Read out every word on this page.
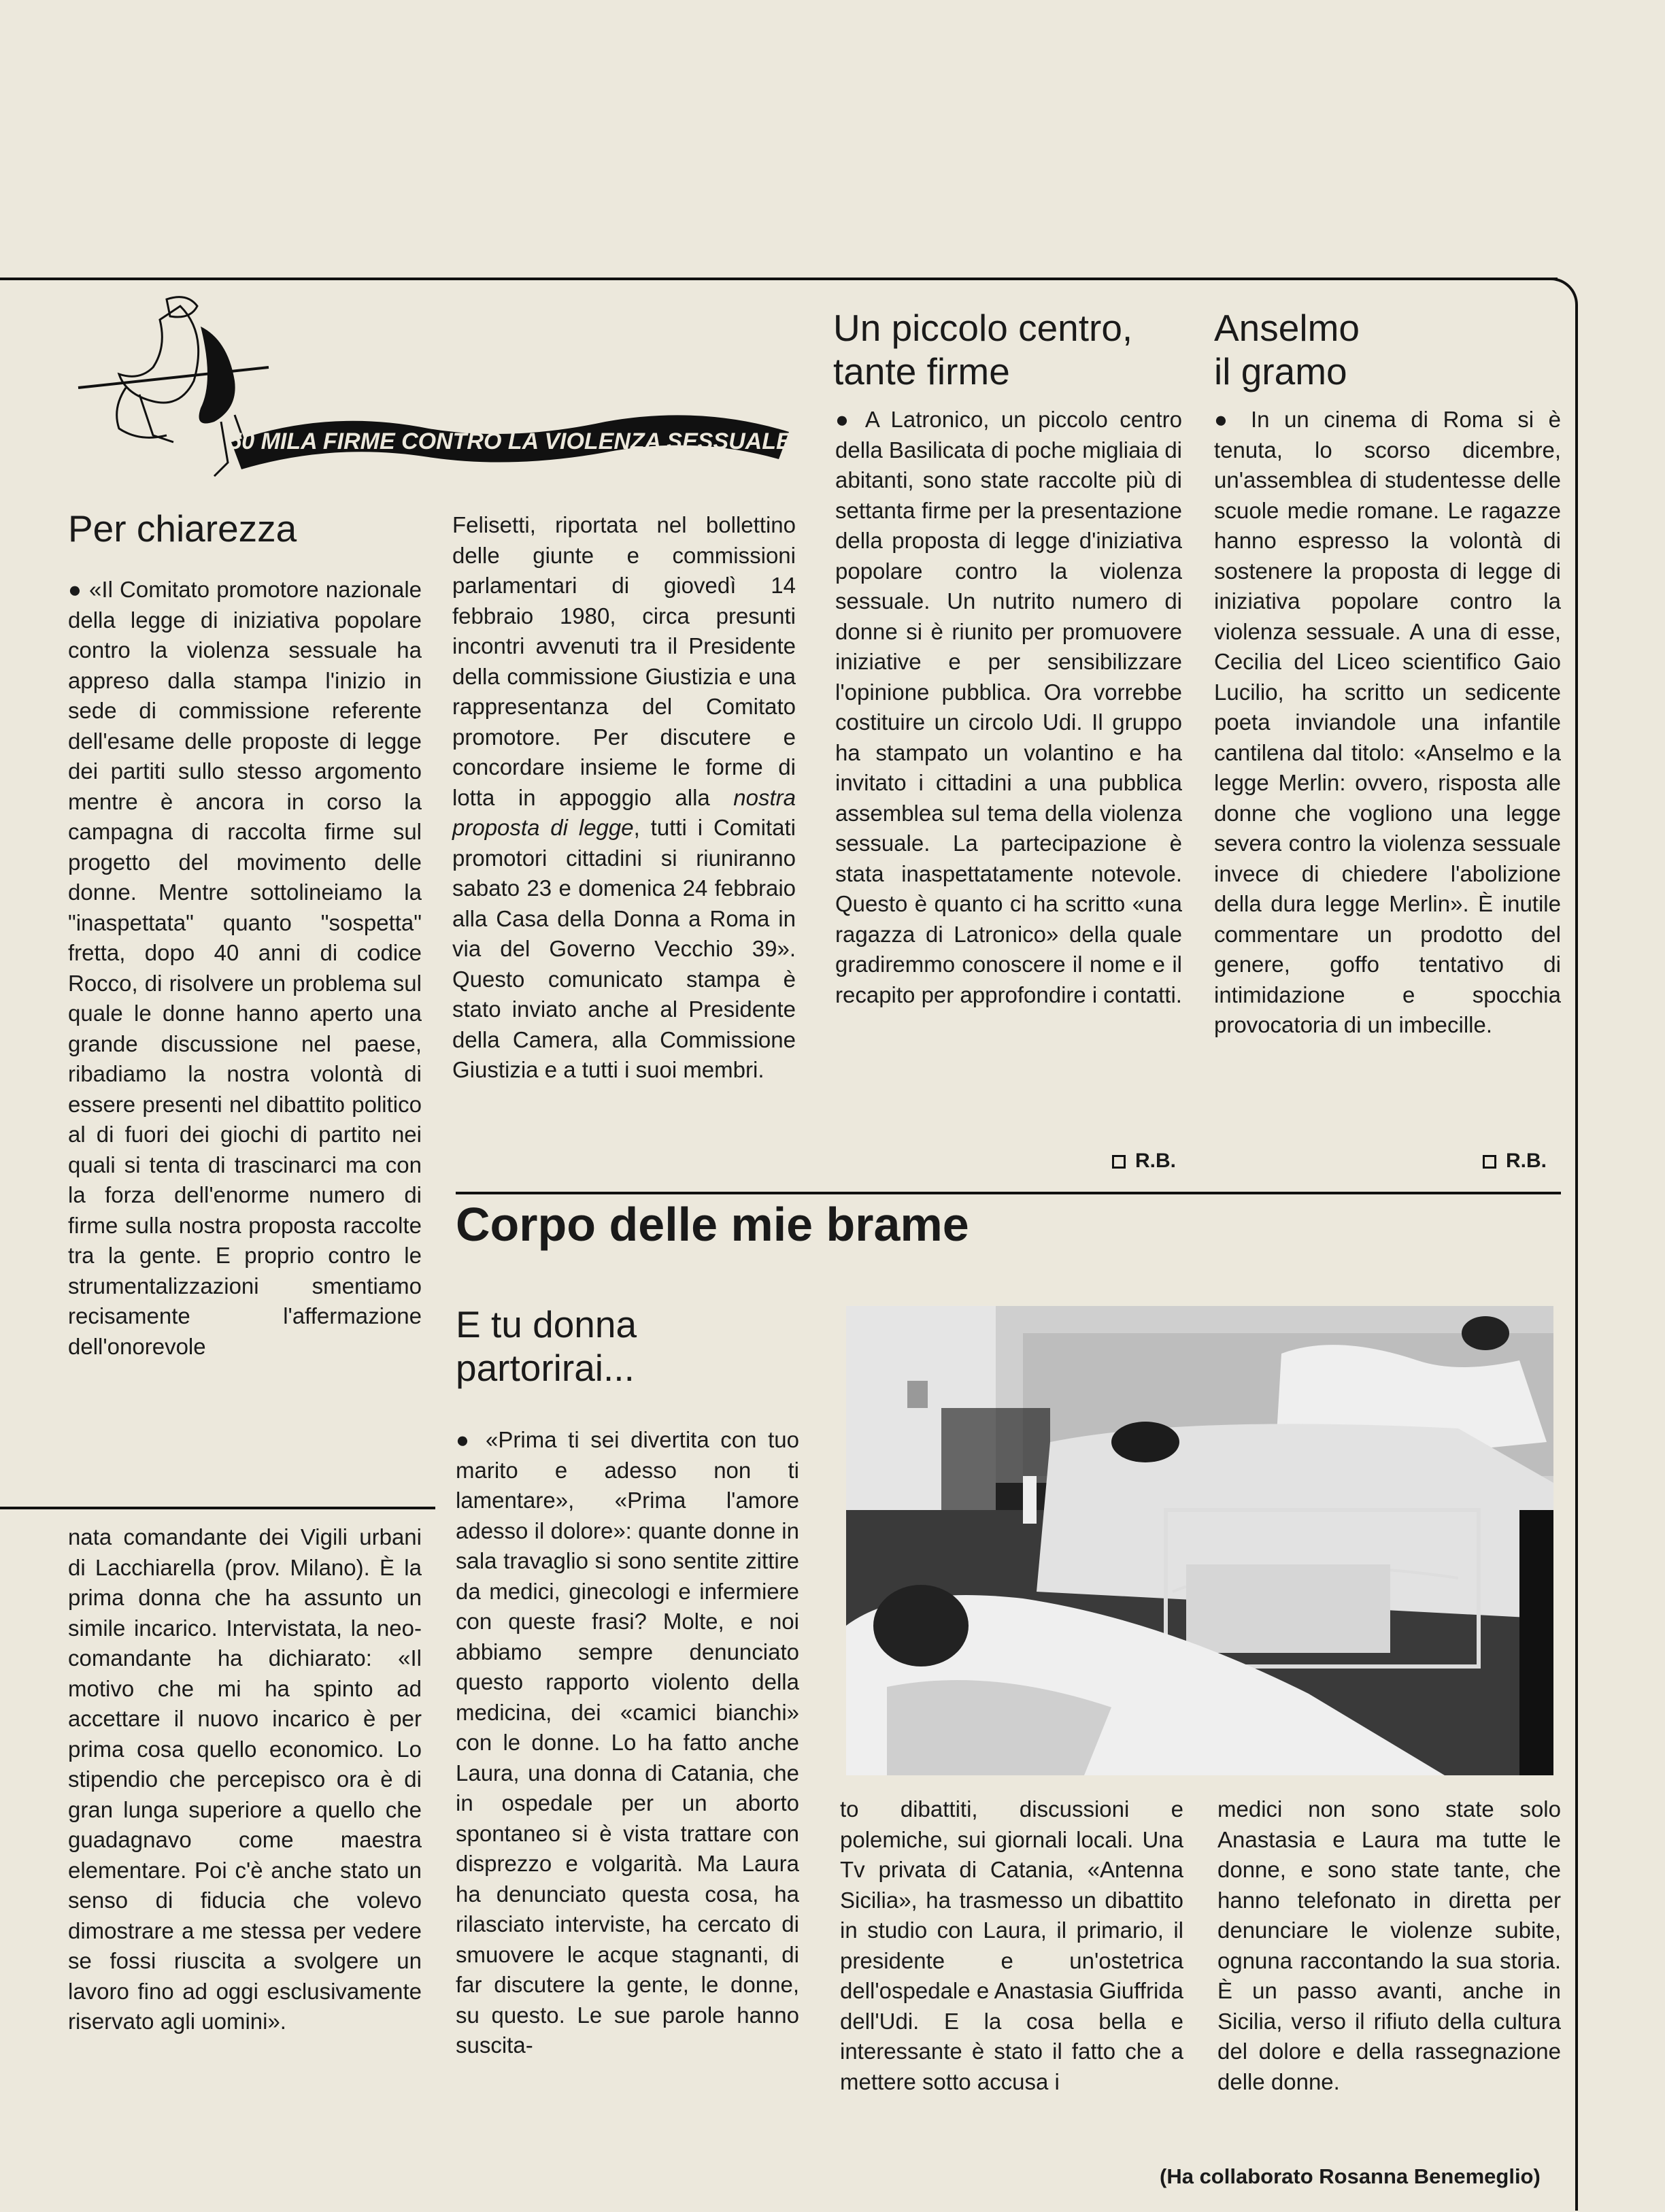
50 MILA FIRME CONTRO LA VIOLENZA SESSUALE
Per chiarezza

● «Il Comitato promotore nazionale della legge di iniziativa popolare contro la violenza sessuale ha appreso dalla stampa l'inizio in sede di commissione referente dell'esame delle proposte di legge dei partiti sullo stesso argomento mentre è ancora in corso la campagna di raccolta firme sul progetto del movimento delle donne. Mentre sottolineiamo la "inaspettata" quanto "sospetta" fretta, dopo 40 anni di codice Rocco, di risolvere un problema sul quale le donne hanno aperto una grande discussione nel paese, ribadiamo la nostra volontà di essere presenti nel dibattito politico al di fuori dei giochi di partito nei quali si tenta di trascinarci ma con la forza dell'enorme numero di firme sulla nostra proposta raccolte tra la gente. E proprio contro le strumentalizzazioni smentiamo recisamente l'affermazione dell'onorevole

Felisetti, riportata nel bollettino delle giunte e commissioni parlamentari di giovedì 14 febbraio 1980, circa presunti incontri avvenuti tra il Presidente della commissione Giustizia e una rappresentanza del Comitato promotore. Per discutere e concordare insieme le forme di lotta in appoggio alla nostra proposta di legge, tutti i Comitati promotori cittadini si riuniranno sabato 23 e domenica 24 febbraio alla Casa della Donna a Roma in via del Governo Vecchio 39». Questo comunicato stampa è stato inviato anche al Presidente della Camera, alla Commissione Giustizia e a tutti i suoi membri.

Un piccolo centro,
tante firme

● A Latronico, un piccolo centro della Basilicata di poche migliaia di abitanti, sono state raccolte più di settanta firme per la presentazione della proposta di legge d'iniziativa popolare contro la violenza sessuale. Un nutrito numero di donne si è riunito per promuovere iniziative e per sensibilizzare l'opinione pubblica. Ora vorrebbe costituire un circolo Udi. Il gruppo ha stampato un volantino e ha invitato i cittadini a una pubblica assemblea sul tema della violenza sessuale. La partecipazione è stata inaspettatamente notevole. Questo è quanto ci ha scritto «una ragazza di Latronico» della quale gradiremmo conoscere il nome e il recapito per approfondire i contatti.

R.B.
Anselmo
il gramo

● In un cinema di Roma si è tenuta, lo scorso dicembre, un'assemblea di studentesse delle scuole medie romane. Le ragazze hanno espresso la volontà di sostenere la proposta di legge di iniziativa popolare contro la violenza sessuale. A una di esse, Cecilia del Liceo scientifico Gaio Lucilio, ha scritto un sedicente poeta inviandole una infantile cantilena dal titolo: «Anselmo e la legge Merlin: ovvero, risposta alle donne che vogliono una legge severa contro la violenza sessuale invece di chiedere l'abolizione della dura legge Merlin». È inutile commentare un prodotto del genere, goffo tentativo di intimidazione e spocchia provocatoria di un imbecille.

R.B.
Corpo delle mie brame

nata comandante dei Vigili urbani di Lacchiarella (prov. Milano). È la prima donna che ha assunto un simile incarico. Intervistata, la neo-comandante ha dichiarato: «Il motivo che mi ha spinto ad accettare il nuovo incarico è per prima cosa quello economico. Lo stipendio che percepisco ora è di gran lunga superiore a quello che guadagnavo come maestra elementare. Poi c'è anche stato un senso di fiducia che volevo dimostrare a me stessa per vedere se fossi riuscita a svolgere un lavoro fino ad oggi esclusivamente riservato agli uomini».

E tu donna
partorirai...

● «Prima ti sei divertita con tuo marito e adesso non ti lamentare», «Prima l'amore adesso il dolore»: quante donne in sala travaglio si sono sentite zittire da medici, ginecologi e infermiere con queste frasi? Molte, e noi abbiamo sempre denunciato questo rapporto violento della medicina, dei «camici bianchi» con le donne. Lo ha fatto anche Laura, una donna di Catania, che in ospedale per un aborto spontaneo si è vista trattare con disprezzo e volgarità. Ma Laura ha denunciato questa cosa, ha rilasciato interviste, ha cercato di smuovere le acque stagnanti, di far discutere la gente, le donne, su questo. Le sue parole hanno suscita-

to dibattiti, discussioni e polemiche, sui giornali locali. Una Tv privata di Catania, «Antenna Sicilia», ha trasmesso un dibattito in studio con Laura, il primario, il presidente e un'ostetrica dell'ospedale e Anastasia Giuffrida dell'Udi. E la cosa bella e interessante è stato il fatto che a mettere sotto accusa i

medici non sono state solo Anastasia e Laura ma tutte le donne, e sono state tante, che hanno telefonato in diretta per denunciare le violenze subite, ognuna raccontando la sua storia. È un passo avanti, anche in Sicilia, verso il rifiuto della cultura del dolore e della rassegnazione delle donne.

(Ha collaborato Rosanna Benemeglio)
